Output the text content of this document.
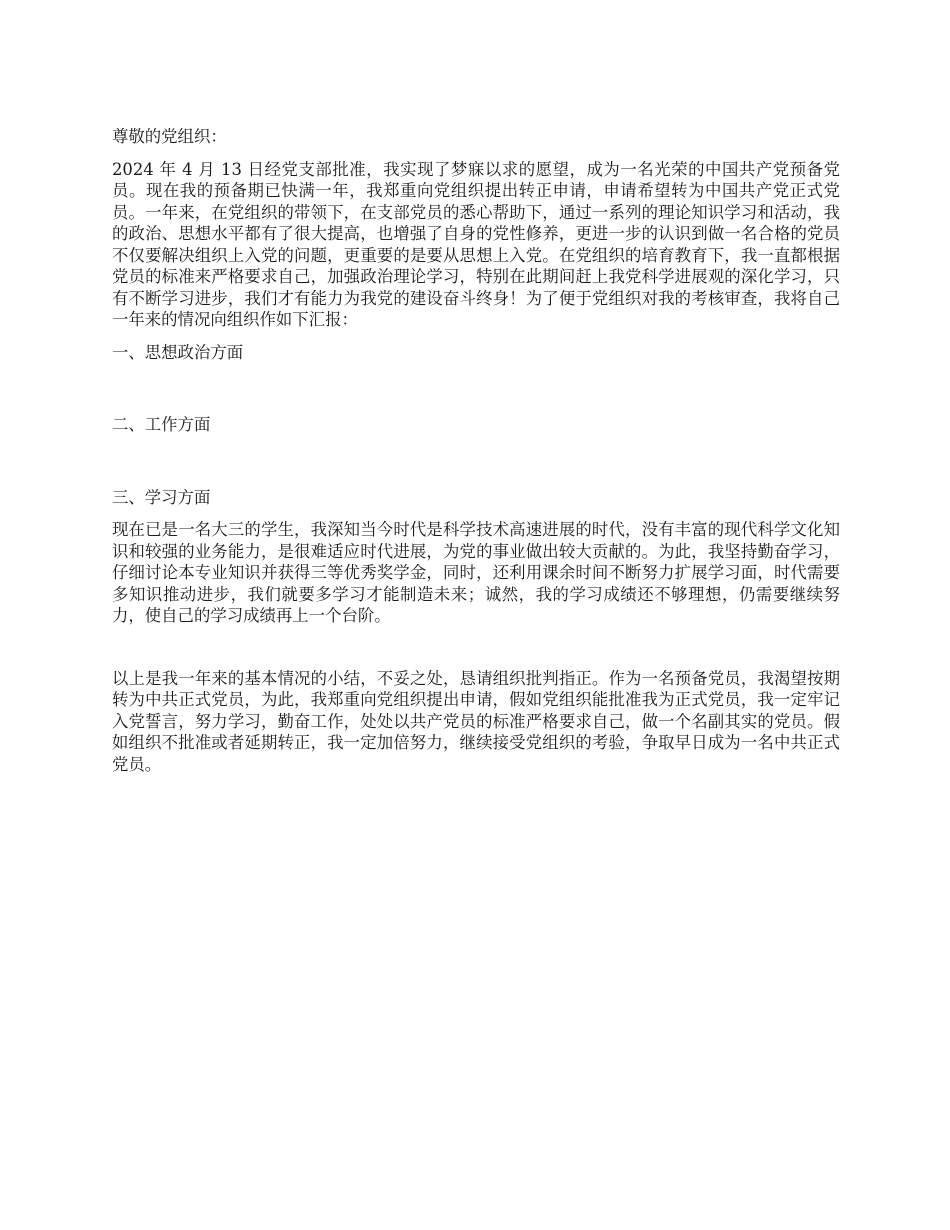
尊敬的党组织：

2024 年 4 月 13 日经党支部批准，我实现了梦寐以求的愿望，成为一名光荣的中国共产党预备党员。现在我的预备期已快满一年，我郑重向党组织提出转正申请，申请希望转为中国共产党正式党员。一年来，在党组织的带领下，在支部党员的悉心帮助下，通过一系列的理论知识学习和活动，我的政治、思想水平都有了很大提高，也增强了自身的党性修养，更进一步的认识到做一名合格的党员不仅要解决组织上入党的问题，更重要的是要从思想上入党。在党组织的培育教育下，我一直都根据党员的标准来严格要求自己，加强政治理论学习，特别在此期间赶上我党科学进展观的深化学习，只有不断学习进步，我们才有能力为我党的建设奋斗终身！为了便于党组织对我的考核审查，我将自己一年来的情况向组织作如下汇报：

一、思想政治方面

二、工作方面

三、学习方面

现在已是一名大三的学生，我深知当今时代是科学技术高速进展的时代，没有丰富的现代科学文化知识和较强的业务能力，是很难适应时代进展，为党的事业做出较大贡献的。为此，我坚持勤奋学习，仔细讨论本专业知识并获得三等优秀奖学金，同时，还利用课余时间不断努力扩展学习面，时代需要多知识推动进步，我们就要多学习才能制造未来；诚然，我的学习成绩还不够理想，仍需要继续努力，使自己的学习成绩再上一个台阶。

以上是我一年来的基本情况的小结，不妥之处，恳请组织批判指正。作为一名预备党员，我渴望按期转为中共正式党员，为此，我郑重向党组织提出申请，假如党组织能批准我为正式党员，我一定牢记入党誓言，努力学习，勤奋工作，处处以共产党员的标准严格要求自己，做一个名副其实的党员。假如组织不批准或者延期转正，我一定加倍努力，继续接受党组织的考验，争取早日成为一名中共正式党员。
